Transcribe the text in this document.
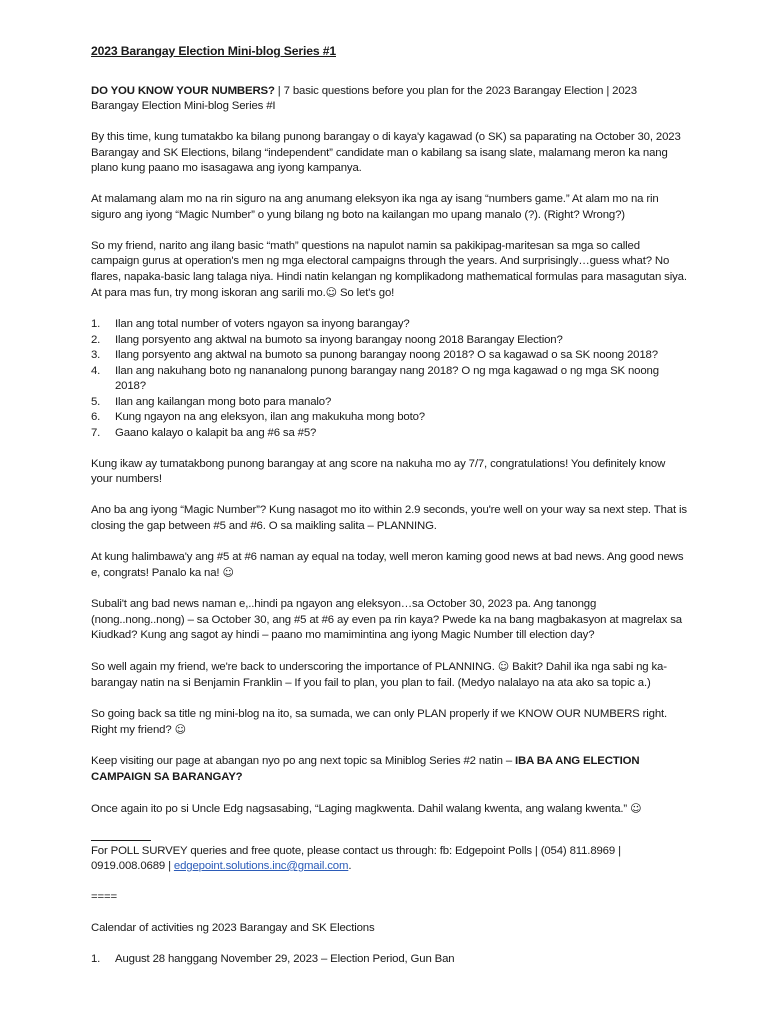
2023 Barangay Election Mini-blog Series #1

DO YOU KNOW YOUR NUMBERS? | 7 basic questions before you plan for the 2023 Barangay Election | 2023 Barangay Election Mini-blog Series #I

By this time, kung tumatakbo ka bilang punong barangay o di kaya'y kagawad (o SK) sa paparating na October 30, 2023 Barangay and SK Elections, bilang “independent” candidate man o kabilang sa isang slate, malamang meron ka nang plano kung paano mo isasagawa ang iyong kampanya.

At malamang alam mo na rin siguro na ang anumang eleksyon ika nga ay isang “numbers game.” At alam mo na rin siguro ang iyong “Magic Number” o yung bilang ng boto na kailangan mo upang manalo (?). (Right? Wrong?)

So my friend, narito ang ilang basic “math” questions na napulot namin sa pakikipag-maritesan sa mga so called campaign gurus at operation's men ng mga electoral campaigns through the years. And surprisingly…guess what? No flares, napaka-basic lang talaga niya. Hindi natin kelangan ng komplikadong mathematical formulas para masagutan siya. At para mas fun, try mong iskoran ang sarili mo.☺ So let's go!

1.	Ilan ang total number of voters ngayon sa inyong barangay?
2.	Ilang porsyento ang aktwal na bumoto sa inyong barangay noong 2018 Barangay Election?
3.	Ilang porsyento ang aktwal na bumoto sa punong barangay noong 2018? O sa kagawad o sa SK noong 2018?
4.	Ilan ang nakuhang boto ng nananalong punong barangay nang 2018? O ng mga kagawad o ng mga SK noong 2018?
5.	Ilan ang kailangan mong boto para manalo?
6.	Kung ngayon na ang eleksyon, ilan ang makukuha mong boto?
7.	Gaano kalayo o kalapit ba ang #6 sa #5?

Kung ikaw ay tumatakbong punong barangay at ang score na nakuha mo ay 7/7, congratulations! You definitely know your numbers!

Ano ba ang iyong “Magic Number”? Kung nasagot mo ito within 2.9 seconds, you're well on your way sa next step. That is closing the gap between #5 and #6. O sa maikling salita – PLANNING.

At kung halimbawa'y ang #5 at #6 naman ay equal na today, well meron kaming good news at bad news. Ang good news e, congrats! Panalo ka na! ☺

Subali't ang bad news naman e,..hindi pa ngayon ang eleksyon…sa October 30, 2023 pa. Ang tanongg (nong..nong..nong) – sa October 30, ang #5 at #6 ay even pa rin kaya? Pwede ka na bang magbakasyon at magrelax sa Kiudkad? Kung ang sagot ay hindi – paano mo mamimintina ang iyong Magic Number till election day?

So well again my friend, we're back to underscoring the importance of PLANNING. ☺ Bakit? Dahil ika nga sabi ng ka-barangay natin na si Benjamin Franklin – If you fail to plan, you plan to fail. (Medyo nalalayo na ata ako sa topic a.)

So going back sa title ng mini-blog na ito, sa sumada, we can only PLAN properly if we KNOW OUR NUMBERS right. Right my friend? ☺

Keep visiting our page at abangan nyo po ang next topic sa Miniblog Series #2 natin – IBA BA ANG ELECTION CAMPAIGN SA BARANGAY?

Once again ito po si Uncle Edg nagsasabing, “Laging magkwenta. Dahil walang kwenta, ang walang kwenta.” ☺

For POLL SURVEY queries and free quote, please contact us through: fb: Edgepoint Polls | (054) 811.8969 | 0919.008.0689 | edgepoint.solutions.inc@gmail.com.

====

Calendar of activities ng 2023 Barangay and SK Elections

1.	August 28 hanggang November 29, 2023 – Election Period, Gun Ban
